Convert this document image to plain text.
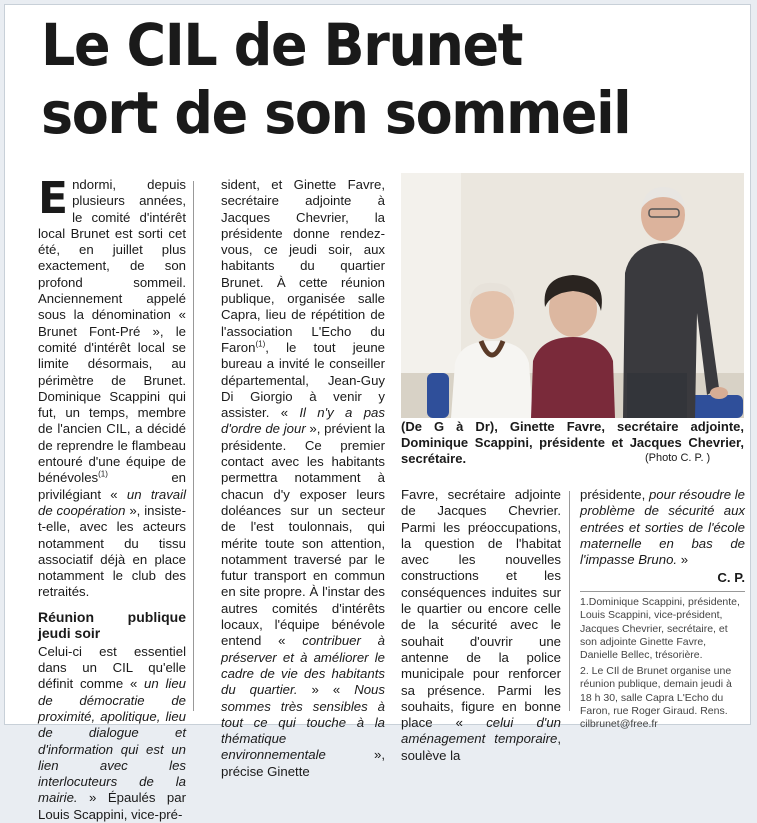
Le CIL de Brunet
sort de son sommeil

Endormi, depuis plusieurs années, le comité d'intérêt local Brunet est sorti cet été, en juillet plus exactement, de son profond sommeil. Anciennement appelé sous la dénomination « Brunet Font-Pré », le comité d'intérêt local se limite désormais, au périmètre de Brunet. Dominique Scappini qui fut, un temps, membre de l'ancien CIL, a décidé de reprendre le flambeau entouré d'une équipe de bénévoles$^{(1)}$ en privilégiant « un travail de coopération », insiste-t-elle, avec les acteurs notamment du tissu associatif déjà en place notamment le club des retraités.

Réunion publique jeudi soir

Celui-ci est essentiel dans un CIL qu'elle définit comme « un lieu de démocratie de proximité, apolitique, lieu de dialogue et d'information qui est un lien avec les interlocuteurs de la mairie. » Épaulés par Louis Scappini, vice-pré-

sident, et Ginette Favre, secrétaire adjointe à Jacques Chevrier, la présidente donne rendez-vous, ce jeudi soir, aux habitants du quartier Brunet. À cette réunion publique, organisée salle Capra, lieu de répétition de l'association L'Echo du Faron$^{(1)}$, le tout jeune bureau a invité le conseiller départemental, Jean-Guy Di Giorgio à venir y assister. « Il n'y a pas d'ordre de jour », prévient la présidente. Ce premier contact avec les habitants permettra notamment à chacun d'y exposer leurs doléances sur un secteur de l'est toulonnais, qui mérite toute son attention, notamment traversé par le futur transport en commun en site propre. À l'instar des autres comités d'intérêts locaux, l'équipe bénévole entend « contribuer à préserver et à améliorer le cadre de vie des habitants du quartier. » « Nous sommes très sensibles à tout ce qui touche à la thématique environnementale », précise Ginette

(De G à Dr), Ginette Favre, secrétaire adjointe, Dominique Scappini, présidente et Jacques Chevrier, secrétaire.	(Photo C. P. )

Favre, secrétaire adjointe de Jacques Chevrier. Parmi les préoccupations, la question de l'habitat avec les nouvelles constructions et les conséquences induites sur le quartier ou encore celle de la sécurité avec le souhait d'ouvrir une antenne de la police municipale pour renforcer sa présence. Parmi les souhaits, figure en bonne place « celui d'un aménagement temporaire, soulève la

présidente, pour résoudre le problème de sécurité aux entrées et sorties de l'école maternelle en bas de l'impasse Bruno. »

C. P.
1.Dominique Scappini, présidente, Louis Scappini, vice-président, Jacques Chevrier, secrétaire, et son adjointe Ginette Favre, Danielle Bellec, trésorière.
2. Le CIl de Brunet organise une réunion publique, demain jeudi à 18 h 30, salle Capra L'Echo du Faron, rue Roger Giraud. Rens. cilbrunet@free.fr
